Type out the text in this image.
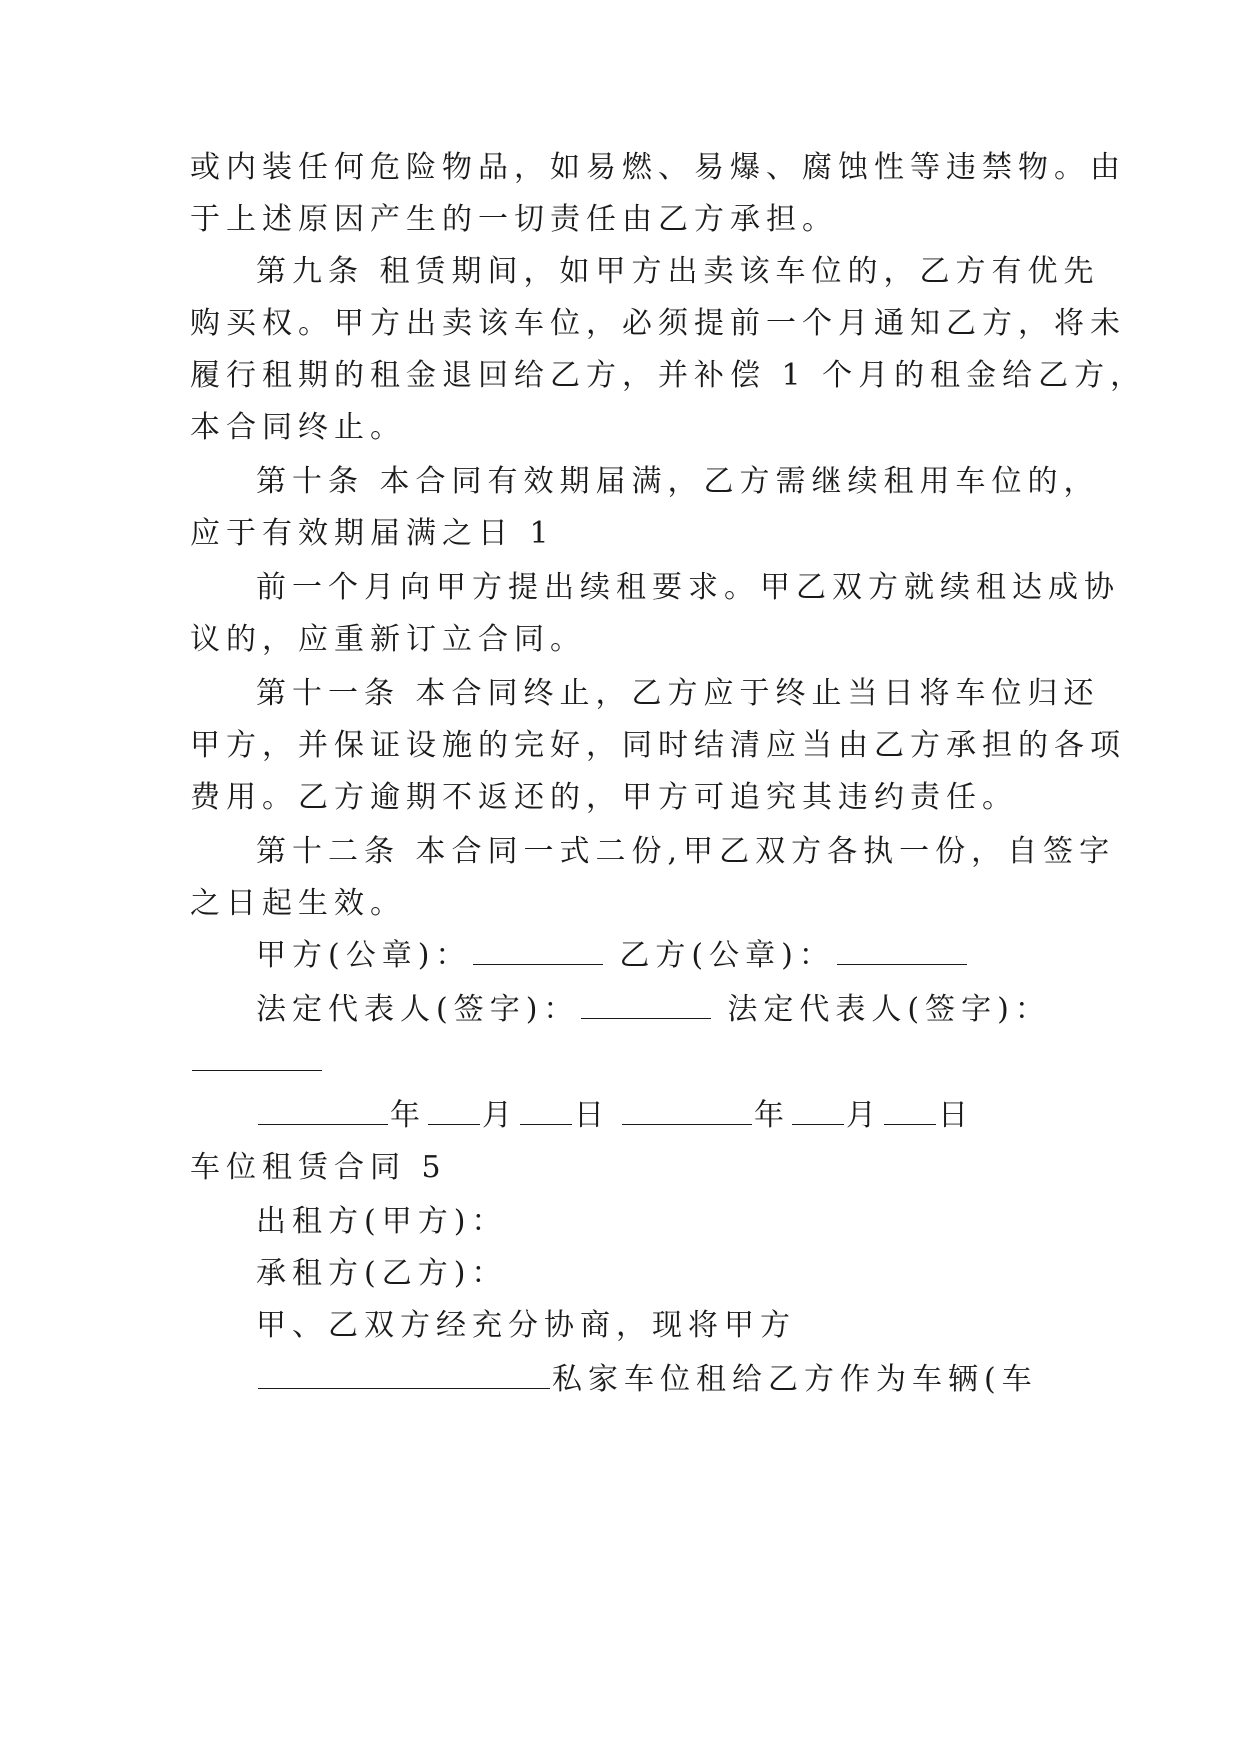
或内装任何危险物品，如易燃、易爆、腐蚀性等违禁物。由
于上述原因产生的一切责任由乙方承担。
第九条 租赁期间，如甲方出卖该车位的，乙方有优先
购买权。甲方出卖该车位，必须提前一个月通知乙方，将未
履行租期的租金退回给乙方，并补偿 1 个月的租金给乙方，
本合同终止。
第十条 本合同有效期届满，乙方需继续租用车位的，
应于有效期届满之日 1
前一个月向甲方提出续租要求。甲乙双方就续租达成协
议的，应重新订立合同。
第十一条 本合同终止，乙方应于终止当日将车位归还
甲方，并保证设施的完好，同时结清应当由乙方承担的各项
费用。乙方逾期不返还的，甲方可追究其违约责任。
第十二条 本合同一式二份,甲乙双方各执一份，自签字
之日起生效。
甲方(公章)：	乙方(公章)：
法定代表人(签字)：	法定代表人(签字)：
年 月 日	年 月 日
车位租赁合同 5
出租方(甲方)：
承租方(乙方)：
甲、乙双方经充分协商，现将甲方
私家车位租给乙方作为车辆(车
